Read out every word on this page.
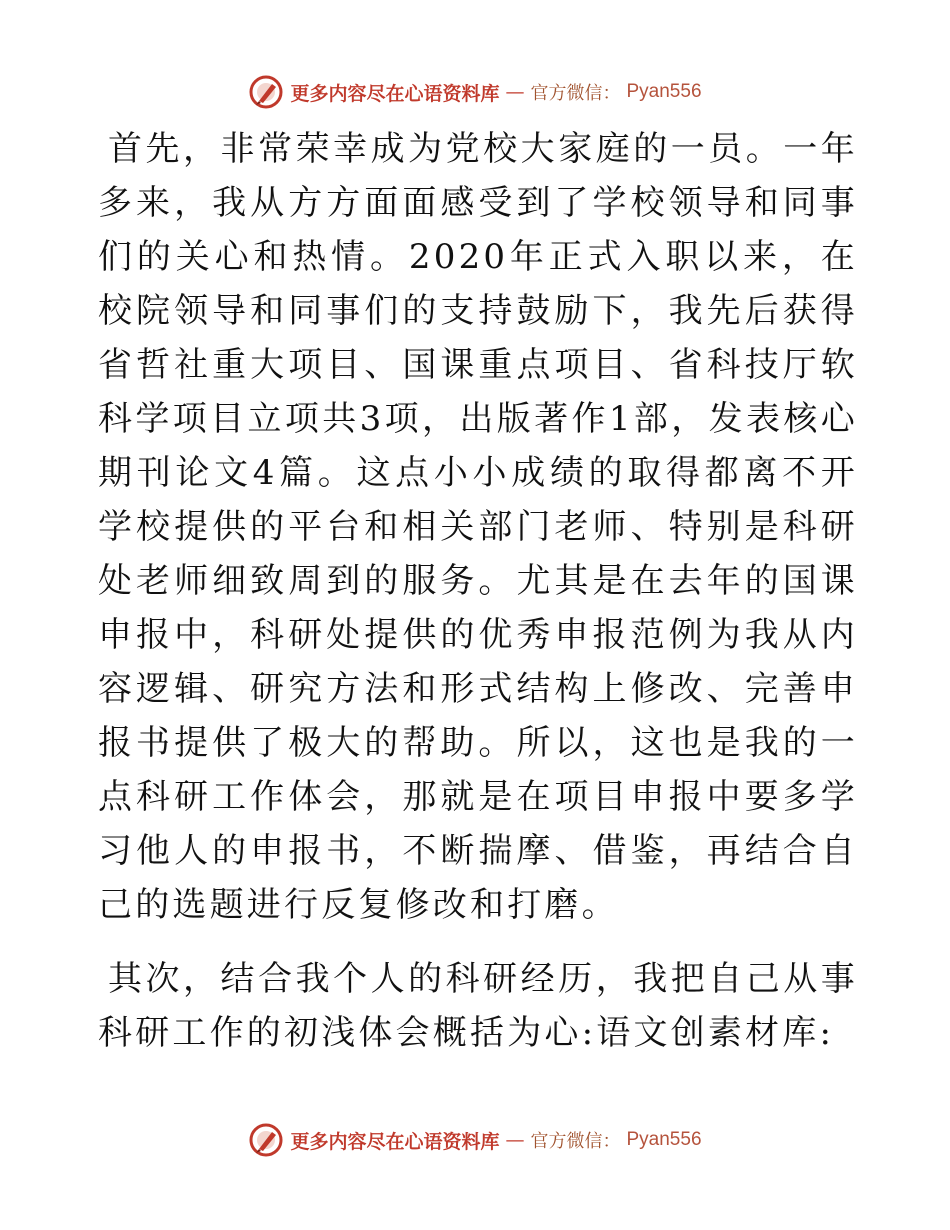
更多内容尽在心语资料库 — 官方微信： Pyan556

首先，非常荣幸成为党校大家庭的一员。一年多来，我从方方面面感受到了学校领导和同事们的关心和热情。2020年正式入职以来，在校院领导和同事们的支持鼓励下，我先后获得省哲社重大项目、国课重点项目、省科技厅软科学项目立项共3项，出版著作1部，发表核心期刊论文4篇。这点小小成绩的取得都离不开学校提供的平台和相关部门老师、特别是科研处老师细致周到的服务。尤其是在去年的国课申报中，科研处提供的优秀申报范例为我从内容逻辑、研究方法和形式结构上修改、完善申报书提供了极大的帮助。所以，这也是我的一点科研工作体会，那就是在项目申报中要多学习他人的申报书，不断揣摩、借鉴，再结合自己的选题进行反复修改和打磨。

其次，结合我个人的科研经历，我把自己从事科研工作的初浅体会概括为心:语文创素材库:

更多内容尽在心语资料库 — 官方微信： Pyan556
